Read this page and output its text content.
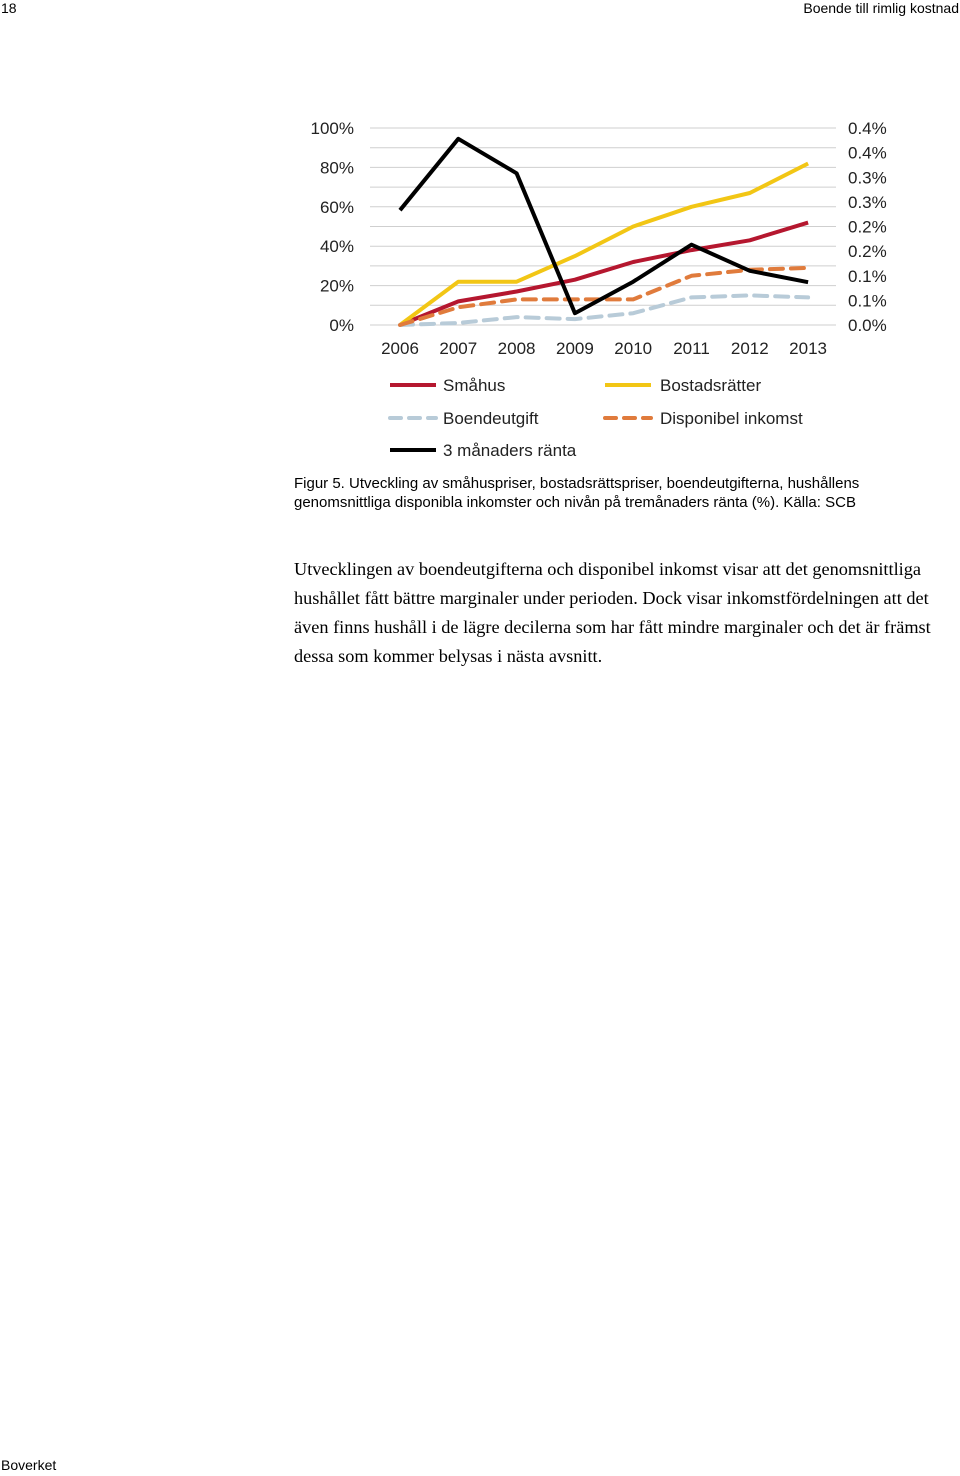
18	Boende till rimlig kostnad
0%
20%
40%
60%
80%
100%
0.0%
0.1%
0.1%
0.2%
0.2%
0.3%
0.3%
0.4%
0.4%
2006 2007 2008 2009 2010 2011 2012 2013
Småhus	Bostadsrätter
Boendeutgift	Disponibel inkomst
3 månaders ränta

Figur 5. Utveckling av småhuspriser, bostadsrättspriser, boendeutgifterna, hushållens genomsnittliga disponibla inkomster och nivån på tremånaders ränta (%). Källa: SCB

Utvecklingen av boendeutgifterna och disponibel inkomst visar att det genomsnittliga hushållet fått bättre marginaler under perioden. Dock visar inkomstfördelningen att det även finns hushåll i de lägre decilerna som har fått mindre marginaler och det är främst dessa som kommer belysas i nästa avsnitt.

Boverket
